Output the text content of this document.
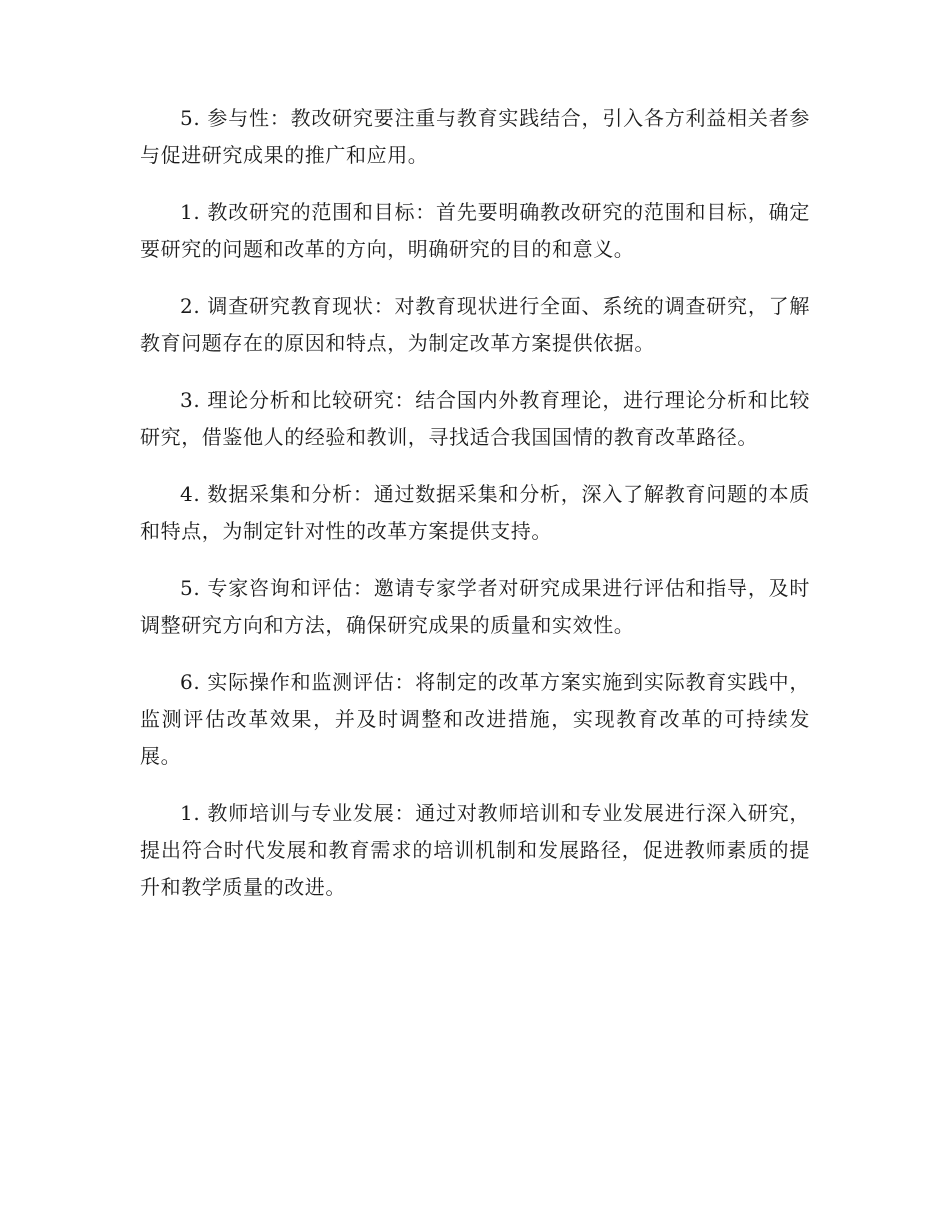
5. 参与性：教改研究要注重与教育实践结合，引入各方利益相关者参与促进研究成果的推广和应用。

1. 教改研究的范围和目标：首先要明确教改研究的范围和目标，确定要研究的问题和改革的方向，明确研究的目的和意义。

2. 调查研究教育现状：对教育现状进行全面、系统的调查研究，了解教育问题存在的原因和特点，为制定改革方案提供依据。

3. 理论分析和比较研究：结合国内外教育理论，进行理论分析和比较研究，借鉴他人的经验和教训，寻找适合我国国情的教育改革路径。

4. 数据采集和分析：通过数据采集和分析，深入了解教育问题的本质和特点，为制定针对性的改革方案提供支持。

5. 专家咨询和评估：邀请专家学者对研究成果进行评估和指导，及时调整研究方向和方法，确保研究成果的质量和实效性。

6. 实际操作和监测评估：将制定的改革方案实施到实际教育实践中，监测评估改革效果，并及时调整和改进措施，实现教育改革的可持续发展。

1. 教师培训与专业发展：通过对教师培训和专业发展进行深入研究，提出符合时代发展和教育需求的培训机制和发展路径，促进教师素质的提升和教学质量的改进。
